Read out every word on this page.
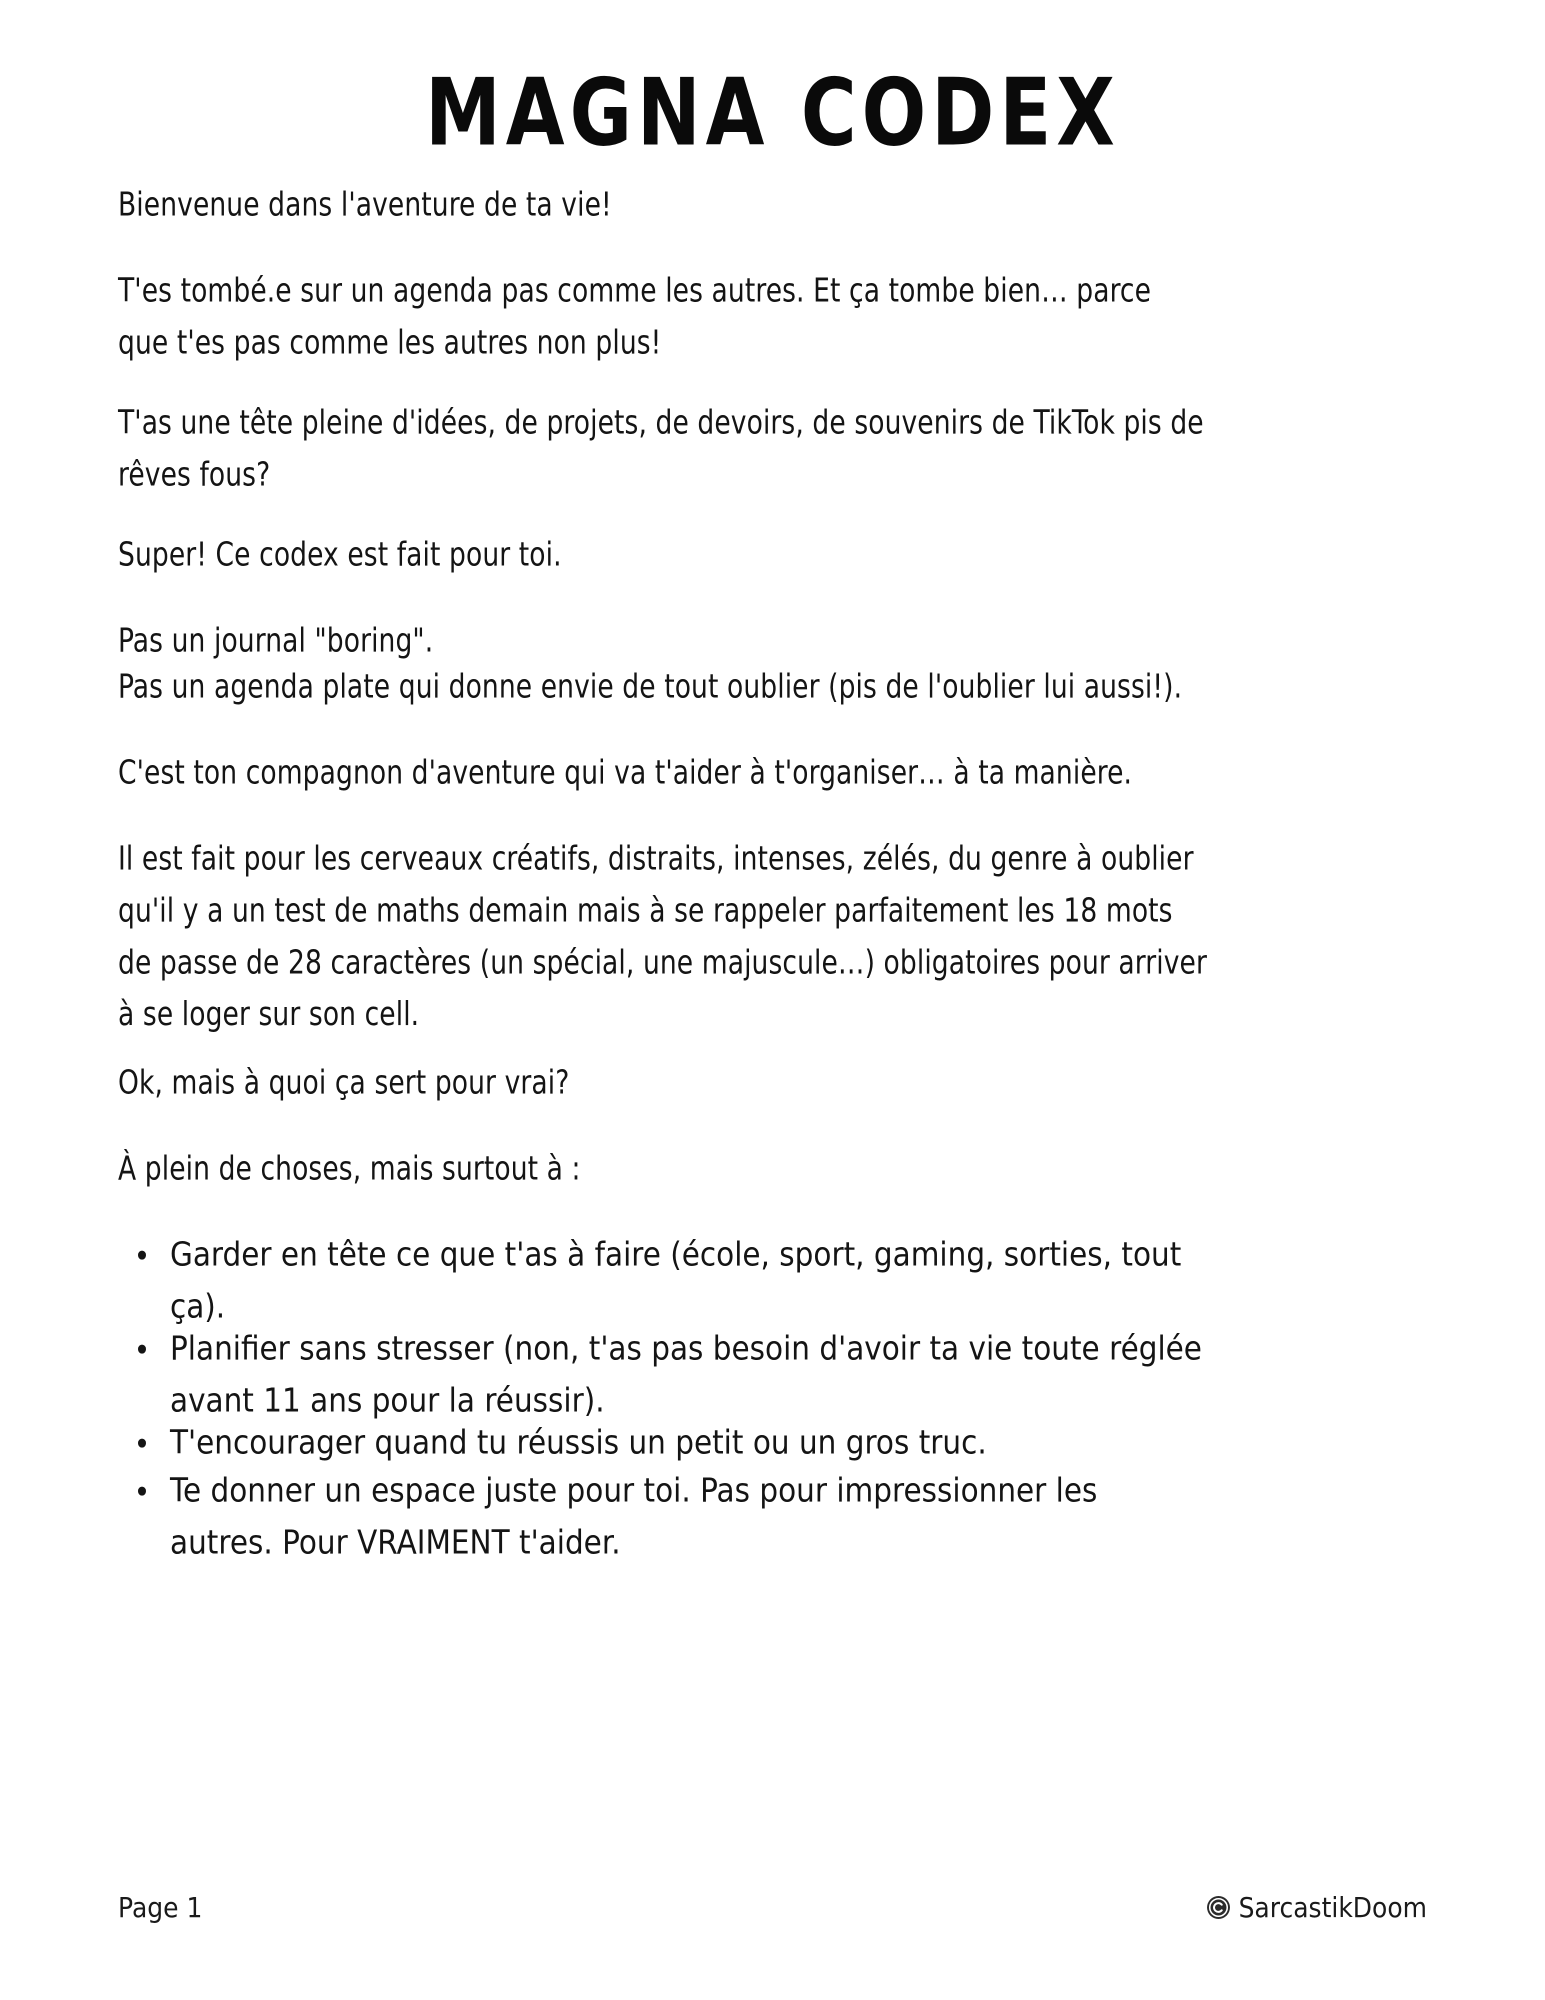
MAGNA CODEX

Bienvenue dans l'aventure de ta vie!

T'es tombé.e sur un agenda pas comme les autres. Et ça tombe bien… parce que t'es pas comme les autres non plus!

T'as une tête pleine d'idées, de projets, de devoirs, de souvenirs de TikTok pis de rêves fous?

Super! Ce codex est fait pour toi.

Pas un journal "boring".

Pas un agenda plate qui donne envie de tout oublier (pis de l'oublier lui aussi!).

C'est ton compagnon d'aventure qui va t'aider à t'organiser… à ta manière.

Il est fait pour les cerveaux créatifs, distraits, intenses, zélés, du genre à oublier qu'il y a un test de maths demain mais à se rappeler parfaitement les 18 mots de passe de 28 caractères (un spécial, une majuscule…) obligatoires pour arriver à se loger sur son cell.

Ok, mais à quoi ça sert pour vrai?

À plein de choses, mais surtout à :

Garder en tête ce que t'as à faire (école, sport, gaming, sorties, tout ça).
Planifier sans stresser (non, t'as pas besoin d'avoir ta vie toute réglée avant 11 ans pour la réussir).
T'encourager quand tu réussis un petit ou un gros truc.
Te donner un espace juste pour toi. Pas pour impressionner les autres. Pour VRAIMENT t'aider.
Page 1	SarcastikDoom
